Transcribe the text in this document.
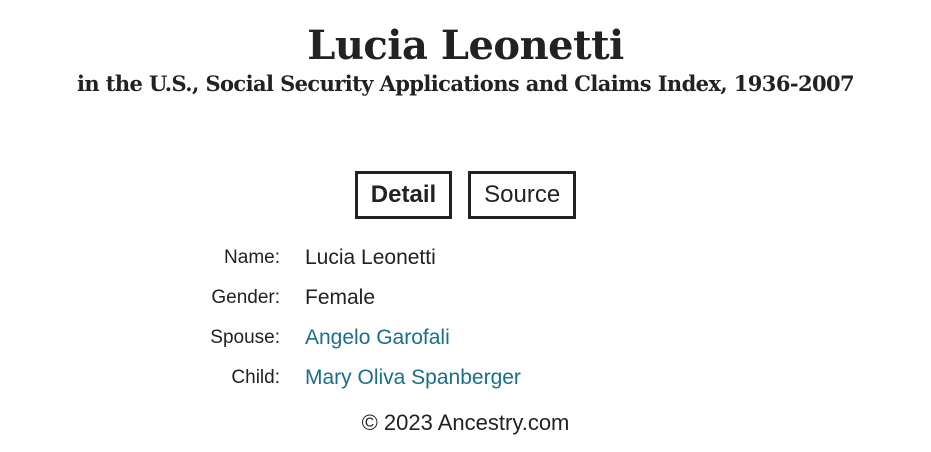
Lucia Leonetti
in the U.S., Social Security Applications and Claims Index, 1936-2007
Detail	Source
Name:	Lucia Leonetti
Gender:	Female
Spouse:	Angelo Garofali
Child:	Mary Oliva Spanberger
© 2023 Ancestry.com
